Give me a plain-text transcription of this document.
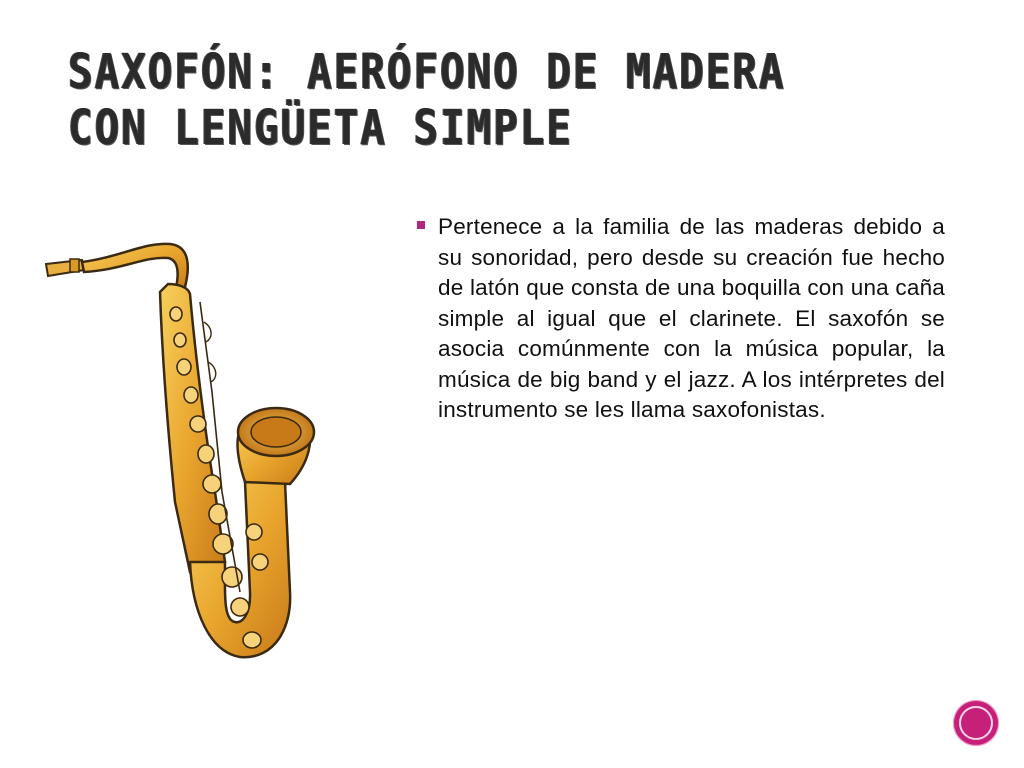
SAXOFÓN: AERÓFONO DE MADERA CON LENGÜETA SIMPLE
Pertenece a la familia de las maderas debido a su sonoridad, pero desde su creación fue hecho de latón que consta de una boquilla con una caña simple al igual que el clarinete. El saxofón se asocia comúnmente con la música popular, la música de big band y el jazz. A los intérpretes del instrumento se les llama saxofonistas.
